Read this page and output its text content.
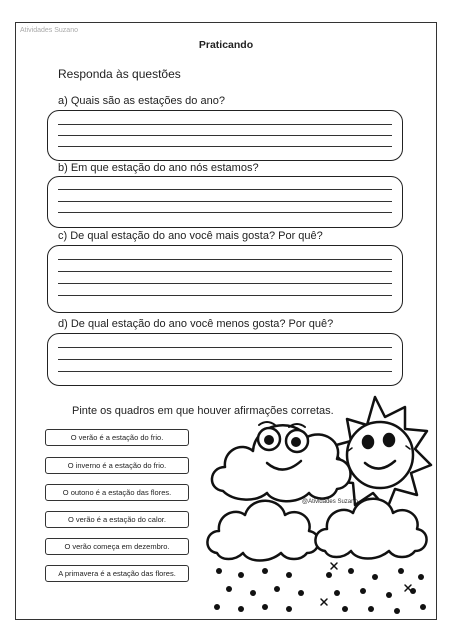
Atividades Suzano
Praticando
Responda às questões
a) Quais são as estações do ano?
b) Em que estação do ano nós estamos?
c) De qual estação do ano você mais gosta? Por quê?
d) De qual estação do ano você menos gosta? Por quê?
Pinte os quadros em que houver afirmações corretas.
O verão é a estação do frio.
O inverno é a estação do frio.
O outono é a estação das flores.
O verão é a estação do calor.
O verão começa em dezembro.
A primavera é a estação das flores.
@Atividades Suzano
